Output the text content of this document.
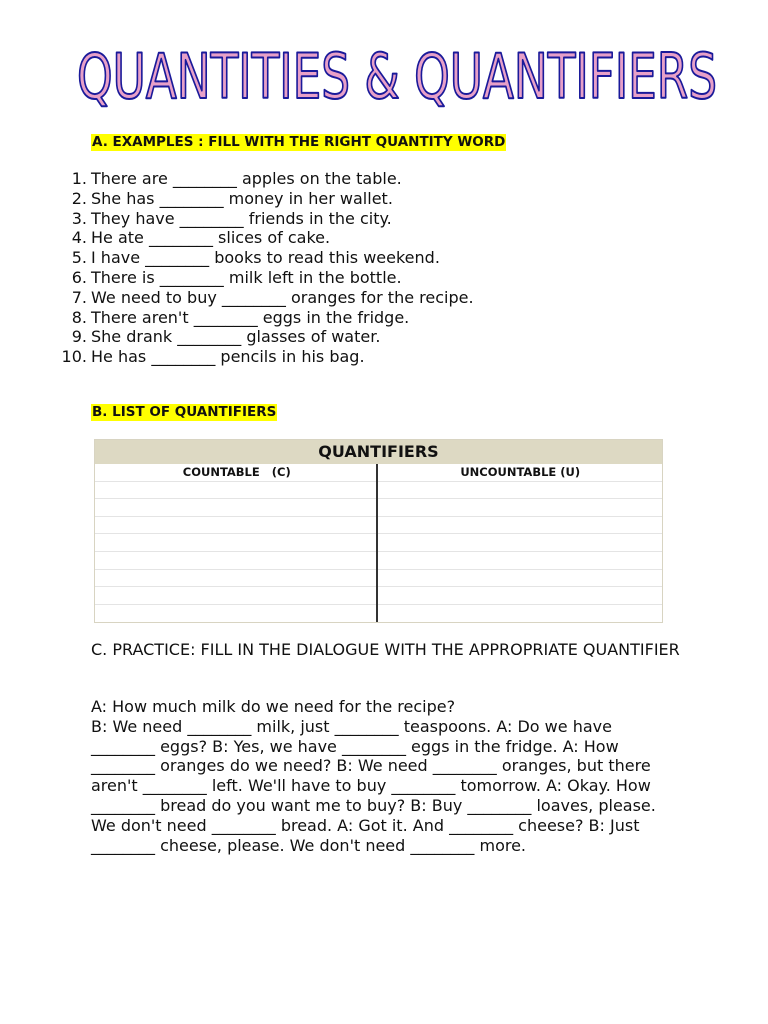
QUANTITIES & QUANTIFIERS
A. EXAMPLES : FILL WITH THE RIGHT QUANTITY WORD
1. There are ________ apples on the table.
2. She has ________ money in her wallet.
3. They have ________ friends in the city.
4. He ate ________ slices of cake.
5. I have ________ books to read this weekend.
6. There is ________ milk left in the bottle.
7. We need to buy ________ oranges for the recipe.
8. There aren't ________ eggs in the fridge.
9. She drank ________ glasses of water.
10. He has ________ pencils in his bag.
B. LIST OF QUANTIFIERS
QUANTIFIERS
COUNTABLE   (C)	UNCOUNTABLE (U)
C. PRACTICE: FILL IN THE DIALOGUE WITH THE APPROPRIATE QUANTIFIER

A: How much milk do we need for the recipe?

B: We need ________ milk, just ________ teaspoons. A: Do we have ________ eggs? B: Yes, we have ________ eggs in the fridge. A: How ________ oranges do we need? B: We need ________ oranges, but there aren't ________ left. We'll have to buy ________ tomorrow. A: Okay. How ________ bread do you want me to buy? B: Buy ________ loaves, please. We don't need ________ bread. A: Got it. And ________ cheese? B: Just ________ cheese, please. We don't need ________ more.
